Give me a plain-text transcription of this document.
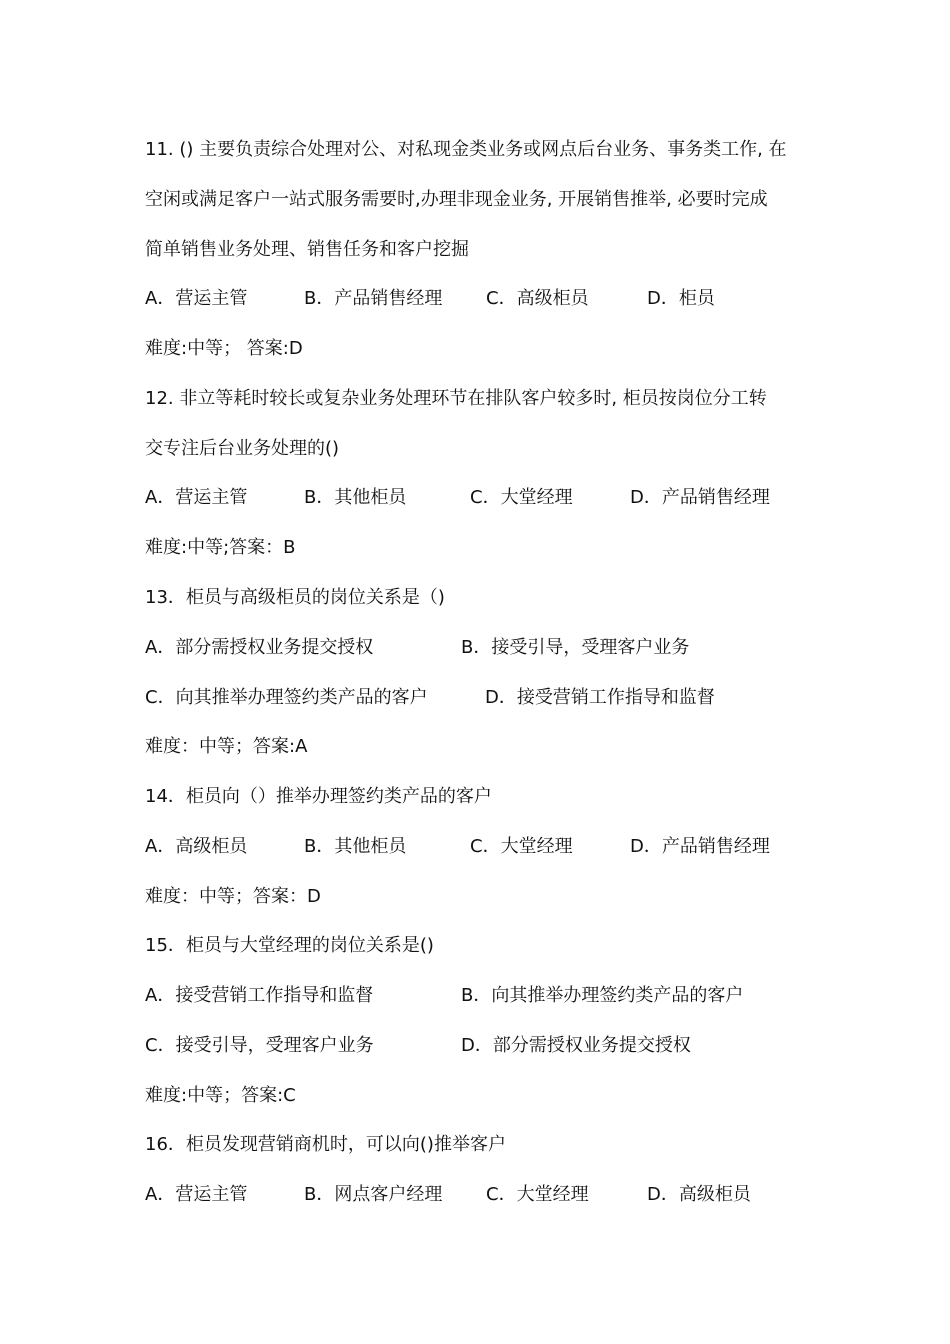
11. () 主要负责综合处理对公、对私现金类业务或网点后台业务、事务类工作, 在
空闲或满足客户一站式服务需要时,办理非现金业务, 开展销售推举, 必要时完成
简单销售业务处理、销售任务和客户挖掘
A．营运主管	B．产品销售经理 C．高级柜员	D．柜员
难度:中等； 答案:D
12. 非立等耗时较长或复杂业务处理环节在排队客户较多时, 柜员按岗位分工转
交专注后台业务处理的()
A．营运主管	B．其他柜员	C．大堂经理	D．产品销售经理
难度:中等;答案：B
13．柜员与高级柜员的岗位关系是（)
A．部分需授权业务提交授权	B．接受引导，受理客户业务
C．向其推举办理签约类产品的客户	D．接受营销工作指导和监督
难度：中等；答案:A
14．柜员向（）推举办理签约类产品的客户
A．高级柜员	B．其他柜员	C．大堂经理	D．产品销售经理
难度：中等；答案：D
15．柜员与大堂经理的岗位关系是()
A．接受营销工作指导和监督	B．向其推举办理签约类产品的客户
C．接受引导，受理客户业务	D．部分需授权业务提交授权
难度:中等；答案:C
16．柜员发现营销商机时，可以向()推举客户
A．营运主管	B．网点客户经理 C．大堂经理	D．高级柜员
